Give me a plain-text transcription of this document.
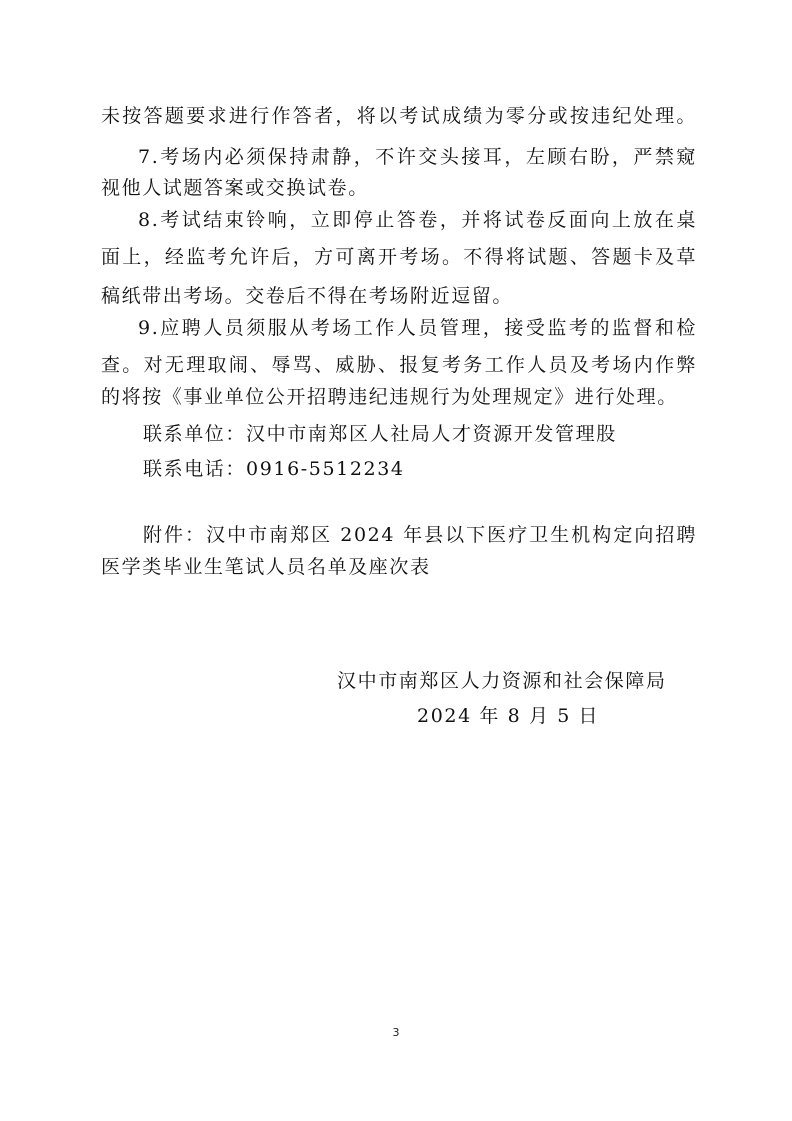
未按答题要求进行作答者，将以考试成绩为零分或按违纪处理。
7.考场内必须保持肃静，不许交头接耳，左顾右盼，严禁窥
视他人试题答案或交换试卷。
8.考试结束铃响，立即停止答卷，并将试卷反面向上放在桌
面上，经监考允许后，方可离开考场。不得将试题、答题卡及草
稿纸带出考场。交卷后不得在考场附近逗留。
9.应聘人员须服从考场工作人员管理，接受监考的监督和检
查。对无理取闹、辱骂、威胁、报复考务工作人员及考场内作弊
的将按《事业单位公开招聘违纪违规行为处理规定》进行处理。
联系单位：汉中市南郑区人社局人才资源开发管理股
联系电话：0916-5512234
附件：汉中市南郑区 2024 年县以下医疗卫生机构定向招聘
医学类毕业生笔试人员名单及座次表
汉中市南郑区人力资源和社会保障局
2024 年 8 月 5 日
3
